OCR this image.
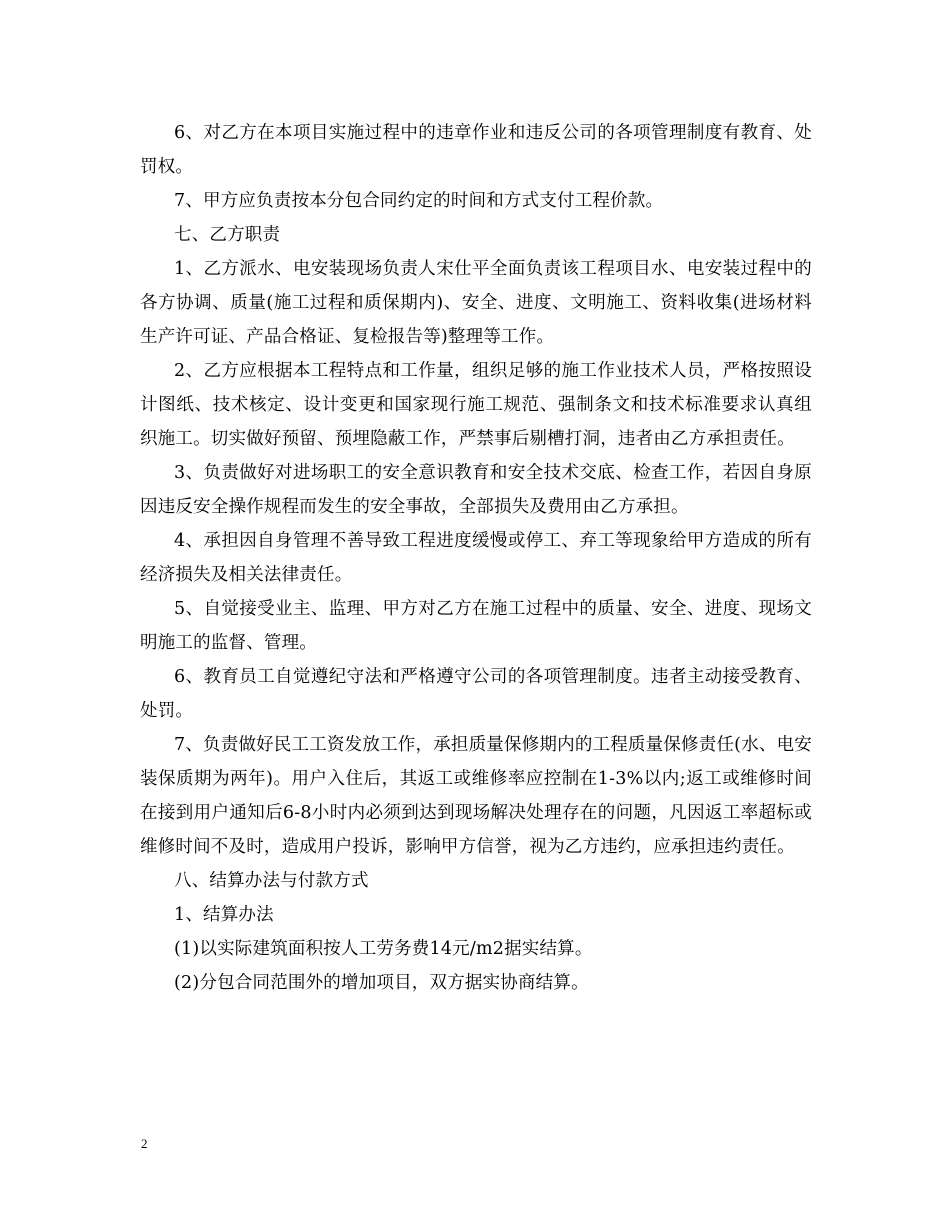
6、对乙方在本项目实施过程中的违章作业和违反公司的各项管理制度有教育、处罚权。

7、甲方应负责按本分包合同约定的时间和方式支付工程价款。

七、乙方职责

1、乙方派水、电安装现场负责人宋仕平全面负责该工程项目水、电安装过程中的各方协调、质量(施工过程和质保期内)、安全、进度、文明施工、资料收集(进场材料生产许可证、产品合格证、复检报告等)整理等工作。

2、乙方应根据本工程特点和工作量，组织足够的施工作业技术人员，严格按照设计图纸、技术核定、设计变更和国家现行施工规范、强制条文和技术标准要求认真组织施工。切实做好预留、预埋隐蔽工作，严禁事后剔槽打洞，违者由乙方承担责任。

3、负责做好对进场职工的安全意识教育和安全技术交底、检查工作，若因自身原因违反安全操作规程而发生的安全事故，全部损失及费用由乙方承担。

4、承担因自身管理不善导致工程进度缓慢或停工、弃工等现象给甲方造成的所有经济损失及相关法律责任。

5、自觉接受业主、监理、甲方对乙方在施工过程中的质量、安全、进度、现场文明施工的监督、管理。

6、教育员工自觉遵纪守法和严格遵守公司的各项管理制度。违者主动接受教育、处罚。

7、负责做好民工工资发放工作，承担质量保修期内的工程质量保修责任(水、电安装保质期为两年)。用户入住后，其返工或维修率应控制在1-3%以内;返工或维修时间在接到用户通知后6-8小时内必须到达到现场解决处理存在的问题，凡因返工率超标或维修时间不及时，造成用户投诉，影响甲方信誉，视为乙方违约，应承担违约责任。

八、结算办法与付款方式

1、结算办法

(1)以实际建筑面积按人工劳务费14元/m2据实结算。

(2)分包合同范围外的增加项目，双方据实协商结算。

2
